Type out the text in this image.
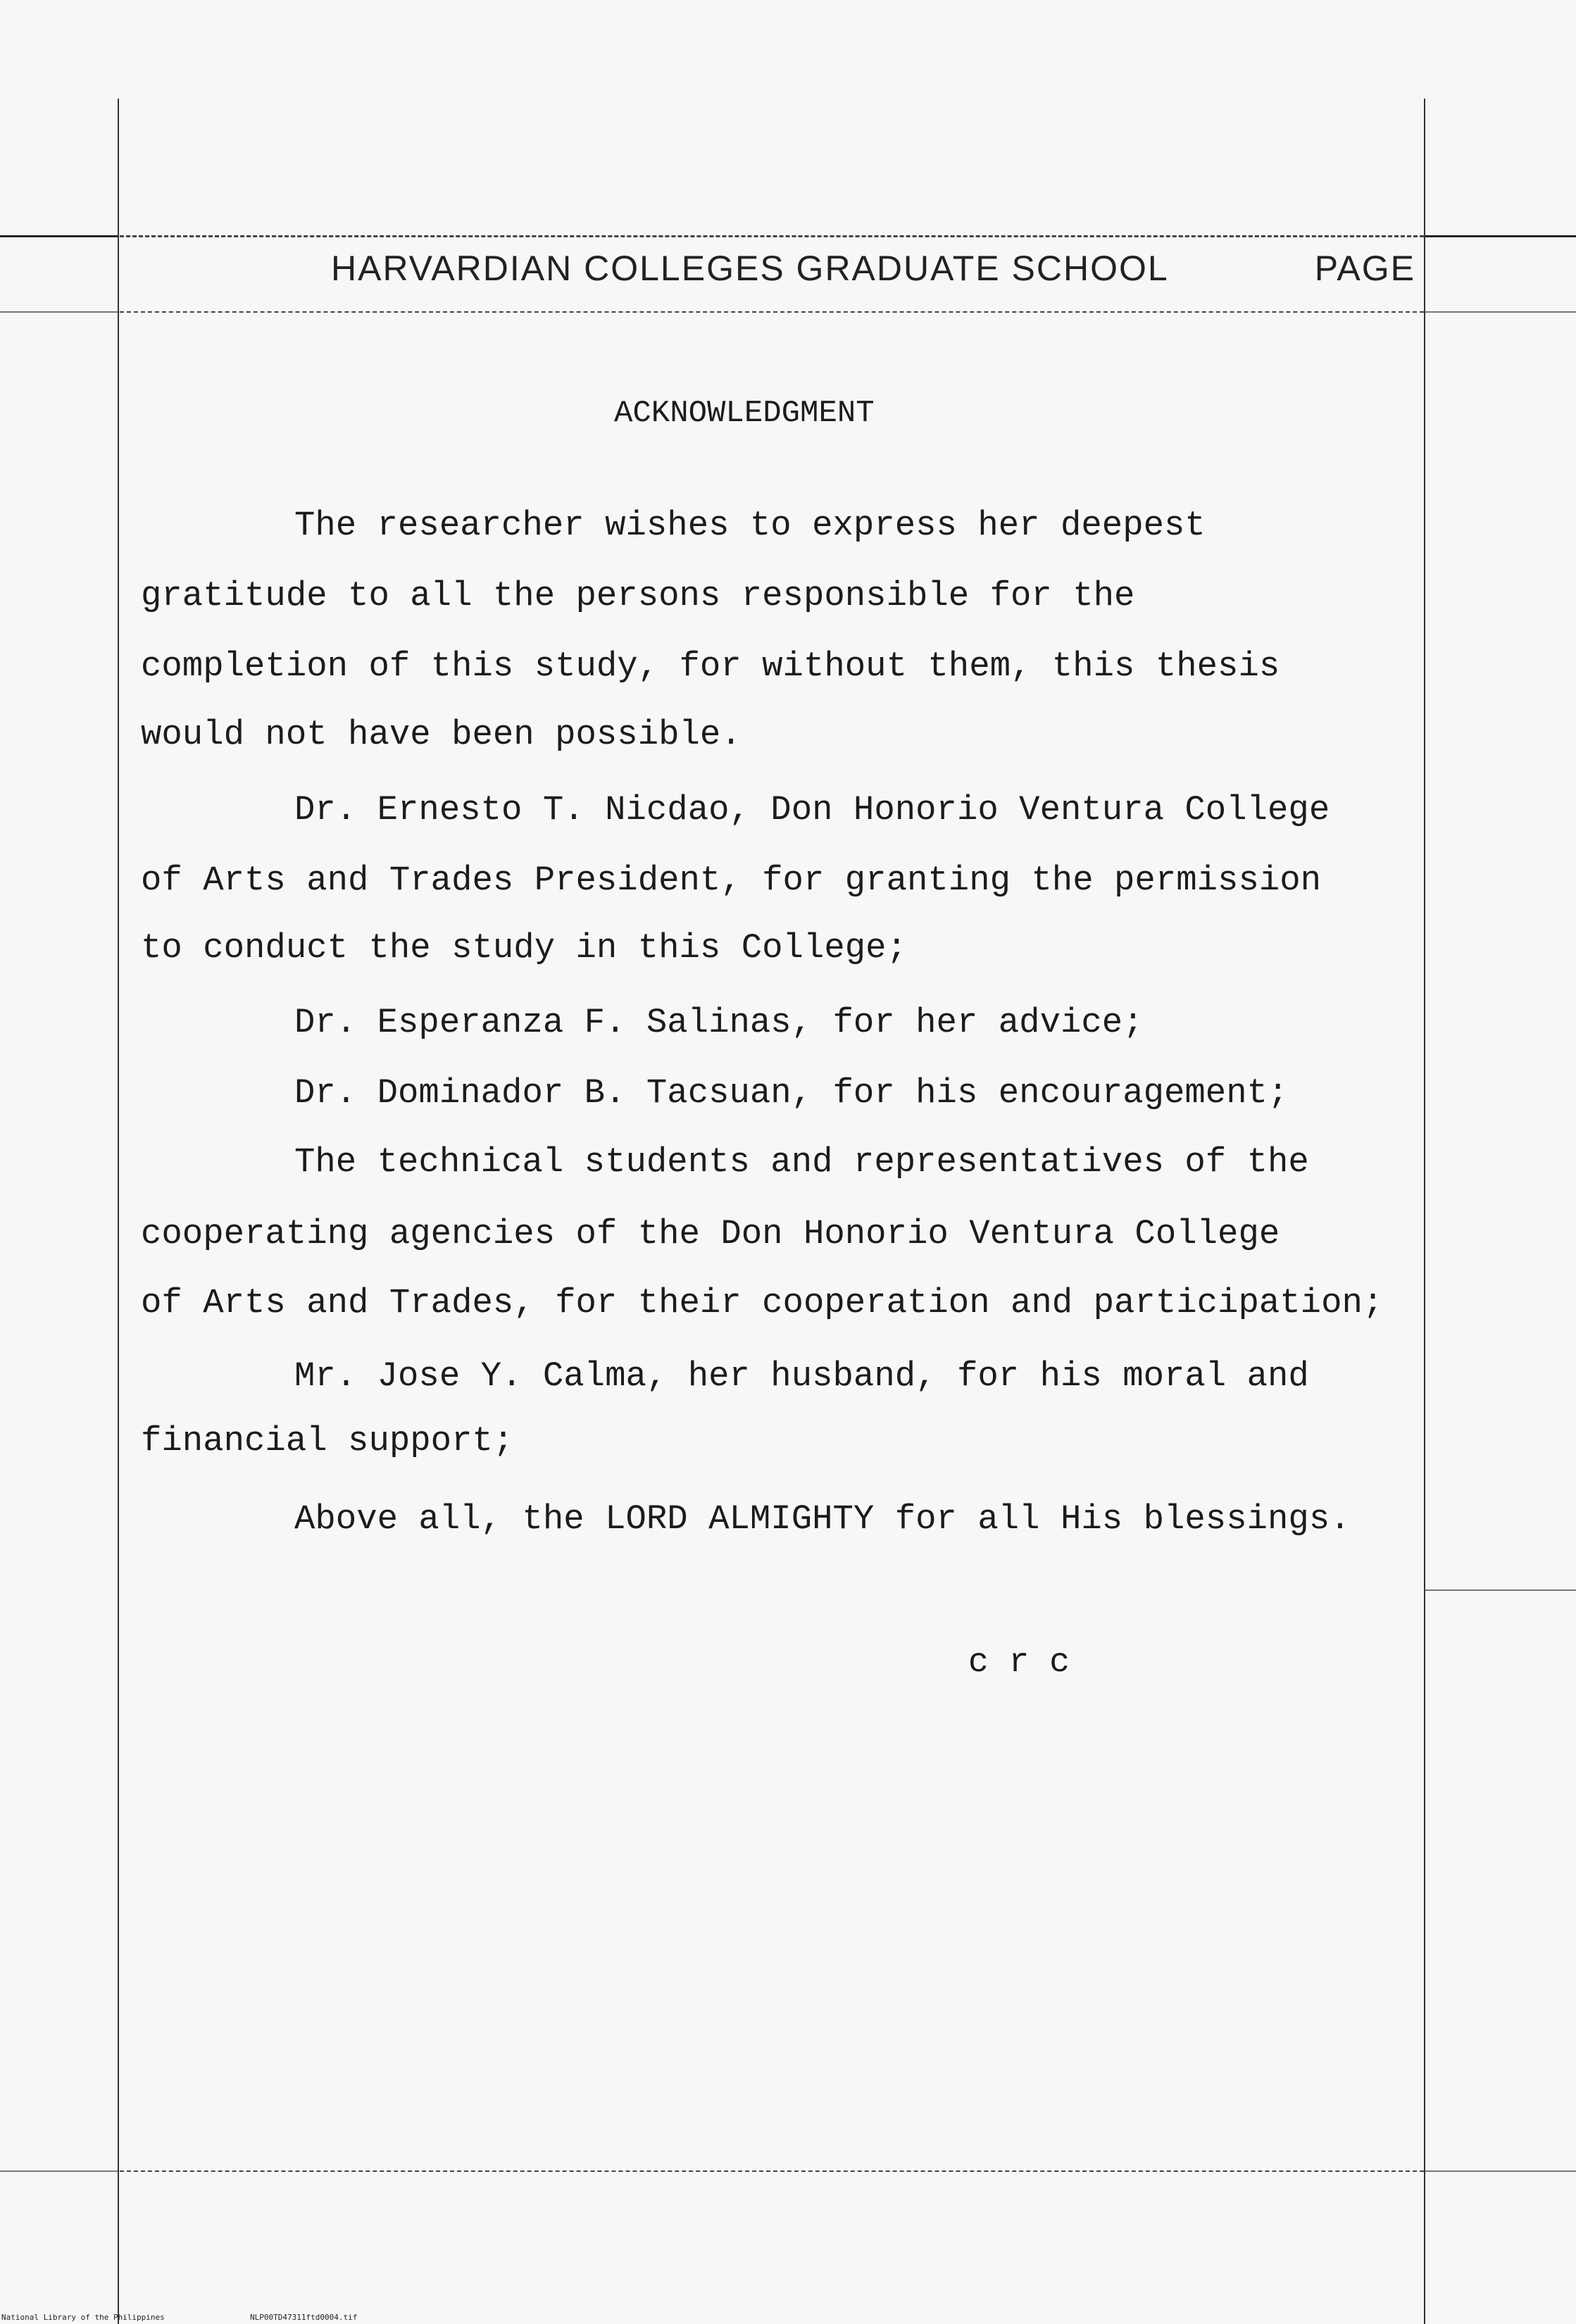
HARVARDIAN COLLEGES GRADUATE SCHOOL	PAGE
ACKNOWLEDGMENT
The researcher wishes to express her deepest
gratitude to all the persons responsible for the
completion of this study, for without them, this thesis
would not have been possible.
Dr. Ernesto T. Nicdao, Don Honorio Ventura College
of Arts and Trades President, for granting the permission
to conduct the study in this College;
Dr. Esperanza F. Salinas, for her advice;
Dr. Dominador B. Tacsuan, for his encouragement;
The technical students and representatives of the
cooperating agencies of the Don Honorio Ventura College
of Arts and Trades, for their cooperation and participation;
Mr. Jose Y. Calma, her husband, for his moral and
financial support;
Above all, the LORD ALMIGHTY for all His blessings.
c r c
National Library of the Philippines	NLP00TD47311ftd0004.tif
